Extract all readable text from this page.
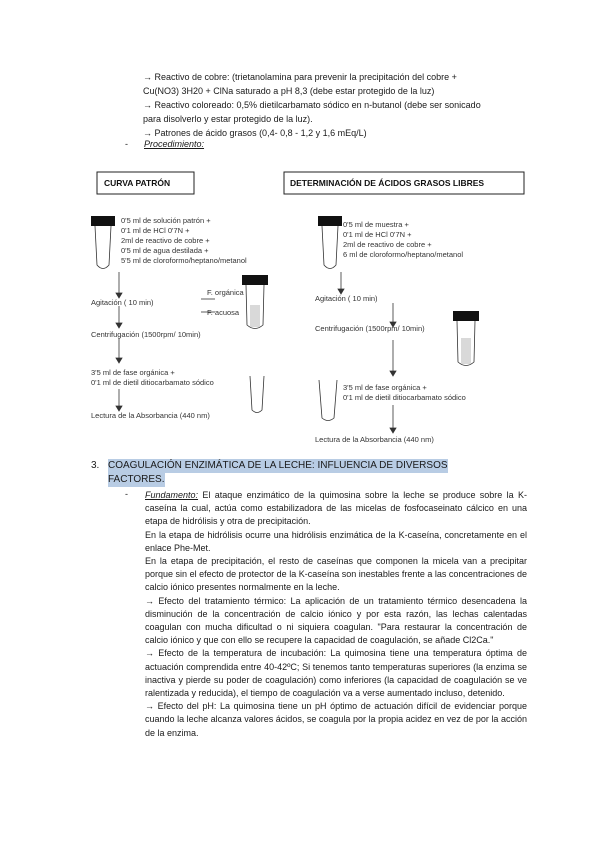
→ Reactivo de cobre: (trietanolamina para prevenir la precipitación del cobre +
Cu(NO3) 3H20 + ClNa saturado a pH 8,3 (debe estar protegido de la luz)
→ Reactivo coloreado: 0,5% dietilcarbamato sódico en n-butanol (debe ser sonicado
para disolverlo y estar protegido de la luz).
→ Patrones de ácido grasos (0,4- 0,8 - 1,2 y 1,6 mEq/L)
- Procedimiento:
CURVA PATRÓN
0'5 ml de solución patrón +
0'1 ml de HCl 0'7N +
2ml de reactivo de cobre +
0'5 ml de agua destilada +
5'5 ml de cloroformo/heptano/metanol
F. orgánica
F. acuosa
Agitación ( 10 min)
Centrifugación (1500rpm/ 10min)
3'5 ml de fase orgánica +
0'1 ml de dietil ditiocarbamato sódico
Lectura de la Absorbancia (440 nm)
DETERMINACIÓN DE ÁCIDOS GRASOS LIBRES
0'5 ml de muestra +
0'1 ml de HCl 0'7N +
2ml de reactivo de cobre +
6 ml de cloroformo/heptano/metanol
Agitación ( 10 min)
Centrifugación (1500rpm/ 10min)
3'5 ml de fase orgánica +
0'1 ml de dietil ditiocarbamato sódico
Lectura de la Absorbancia (440 nm)
3. COAGULACIÓN ENZIMÁTICA DE LA LECHE: INFLUENCIA DE DIVERSOS
FACTORES.
- Fundamento: El ataque enzimático de la quimosina sobre la leche se produce sobre la K-caseína la cual, actúa como estabilizadora de las micelas de fosfocaseinato cálcico en una etapa de hidrólisis y otra de precipitación.

En la etapa de hidrólisis ocurre una hidrólisis enzimática de la K-caseína, concretamente en el enlace Phe-Met.

En la etapa de precipitación, el resto de caseínas que componen la micela van a precipitar porque sin el efecto de protector de la K-caseína son inestables frente a las concentraciones de calcio iónico presentes normalmente en la leche.

→ Efecto del tratamiento térmico: La aplicación de un tratamiento térmico desencadena la disminución de la concentración de calcio iónico y por esta razón, las lechas calentadas coagulan con mucha dificultad o ni siquiera coagulan. "Para restaurar la concentración de calcio iónico y que con ello se recupere la capacidad de coagulación, se añade Cl2Ca."

→ Efecto de la temperatura de incubación: La quimosina tiene una temperatura óptima de actuación comprendida entre 40-42ºC; Si tenemos tanto temperaturas superiores (la enzima se inactiva y pierde su poder de coagulación) como inferiores (la capacidad de coagulación se ve ralentizada y reducida), el tiempo de coagulación va a verse aumentado incluso, detenido.

→ Efecto del pH: La quimosina tiene un pH óptimo de actuación difícil de evidenciar porque cuando la leche alcanza valores ácidos, se coagula por la propia acidez en vez de por la acción de la enzima.
